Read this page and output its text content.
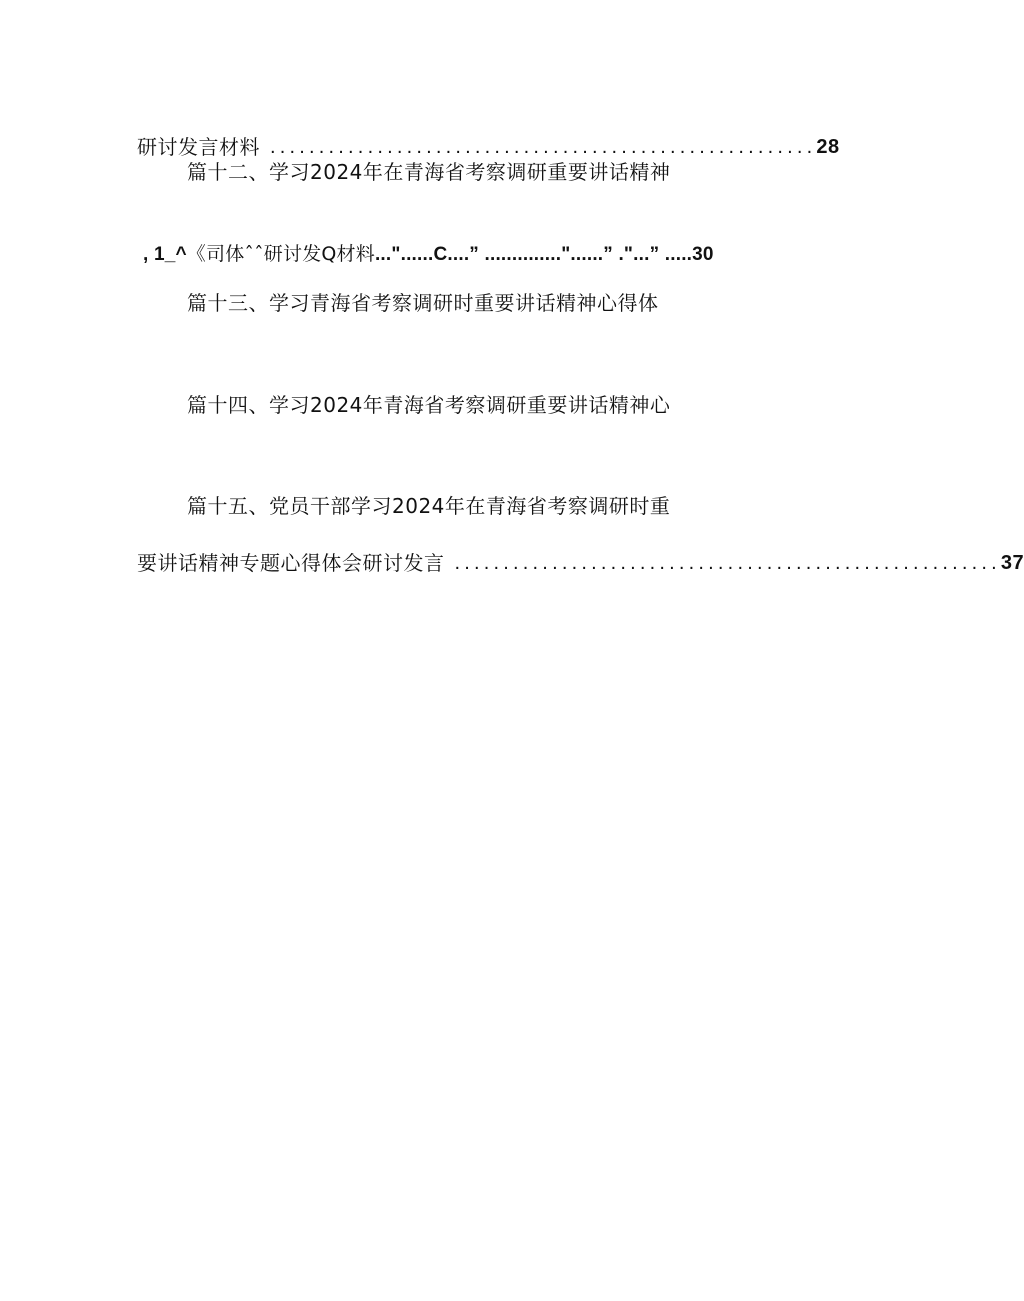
研讨发言材料 ........................................................ 28
篇十二、学习2024年在青海省考察调研重要讲话精神
, 1_^《司体ˆˆ研讨发Q材料..."......C....” .............."......” ."...” .....30
篇十三、学习青海省考察调研时重要讲话精神心得体
篇十四、学习2024年青海省考察调研重要讲话精神心
篇十五、党员干部学习2024年在青海省考察调研时重
要讲话精神专题心得体会研讨发言 ........................................................ 37
